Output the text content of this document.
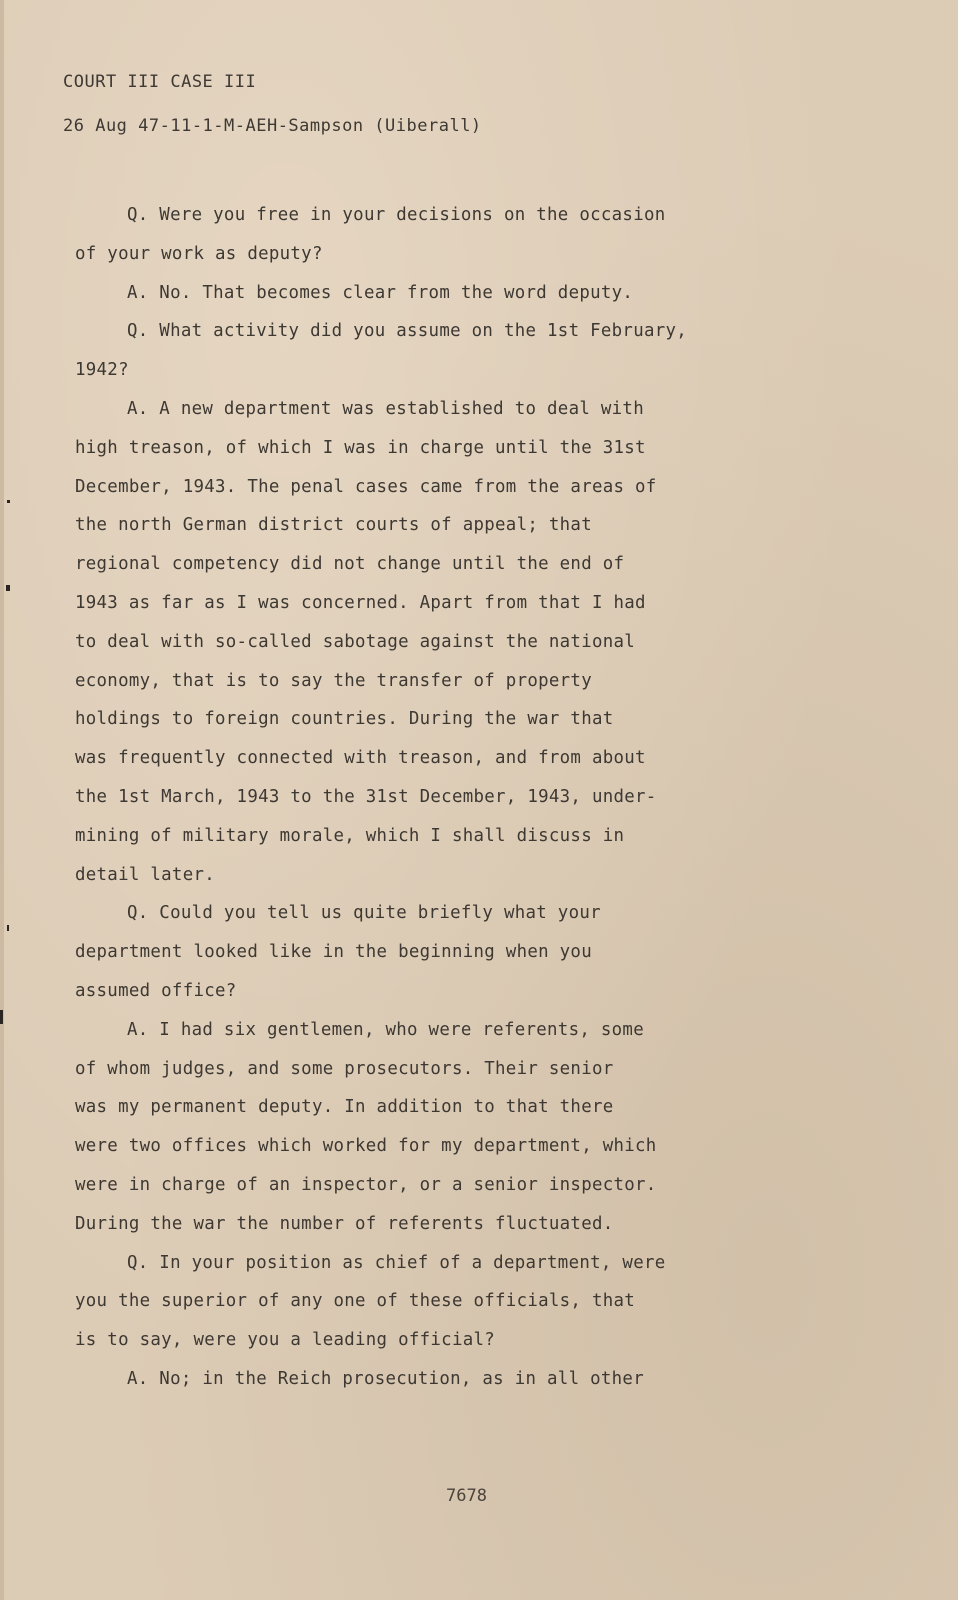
COURT III CASE III
26 Aug 47-11-1-M-AEH-Sampson (Uiberall)
Q. Were you free in your decisions on the occasion
of your work as deputy?
A. No. That becomes clear from the word deputy.
Q. What activity did you assume on the 1st February,
1942?
A. A new department was established to deal with
high treason, of which I was in charge until the 31st
December, 1943. The penal cases came from the areas of
the north German district courts of appeal; that
regional competency did not change until the end of
1943 as far as I was concerned. Apart from that I had
to deal with so-called sabotage against the national
economy, that is to say the transfer of property
holdings to foreign countries. During the war that
was frequently connected with treason, and from about
the 1st March, 1943 to the 31st December, 1943, under-
mining of military morale, which I shall discuss in
detail later.
Q. Could you tell us quite briefly what your
department looked like in the beginning when you
assumed office?
A. I had six gentlemen, who were referents, some
of whom judges, and some prosecutors. Their senior
was my permanent deputy. In addition to that there
were two offices which worked for my department, which
were in charge of an inspector, or a senior inspector.
During the war the number of referents fluctuated.
Q. In your position as chief of a department, were
you the superior of any one of these officials, that
is to say, were you a leading official?
A. No; in the Reich prosecution, as in all other
7678
